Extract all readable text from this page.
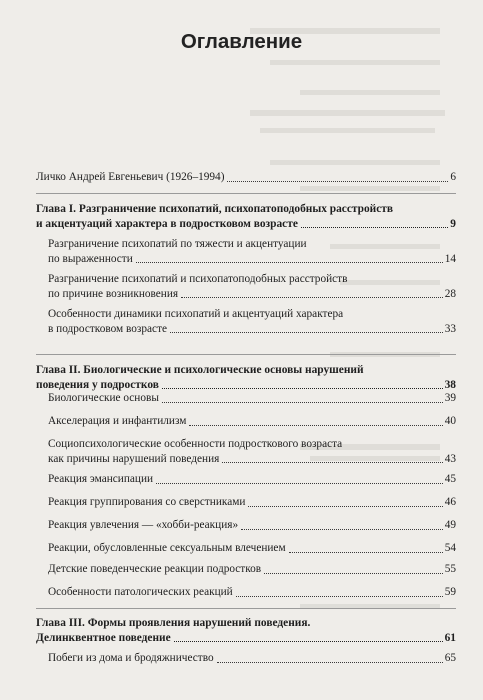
Оглавление
Личко Андрей Евгеньевич (1926–1994)	6
Глава I. Разграничение психопатий, психопатоподобных расстройств
и акцентуаций характера в подростковом возрасте	9
Разграничение психопатий по тяжести и акцентуации
по выраженности	14
Разграничение психопатий и психопатоподобных расстройств
по причине возникновения	28
Особенности динамики психопатий и акцентуаций характера
в подростковом возрасте	33
Глава II. Биологические и психологические основы нарушений
поведения у подростков	38
Биологические основы	39
Акселерация и инфантилизм	40
Социопсихологические особенности подросткового возраста
как причины нарушений поведения	43
Реакция эмансипации	45
Реакция группирования со сверстниками	46
Реакция увлечения — «хобби-реакция»	49
Реакции, обусловленные сексуальным влечением	54
Детские поведенческие реакции подростков	55
Особенности патологических реакций	59
Глава III. Формы проявления нарушений поведения.
Делинквентное поведение	61
Побеги из дома и бродяжничество	65
